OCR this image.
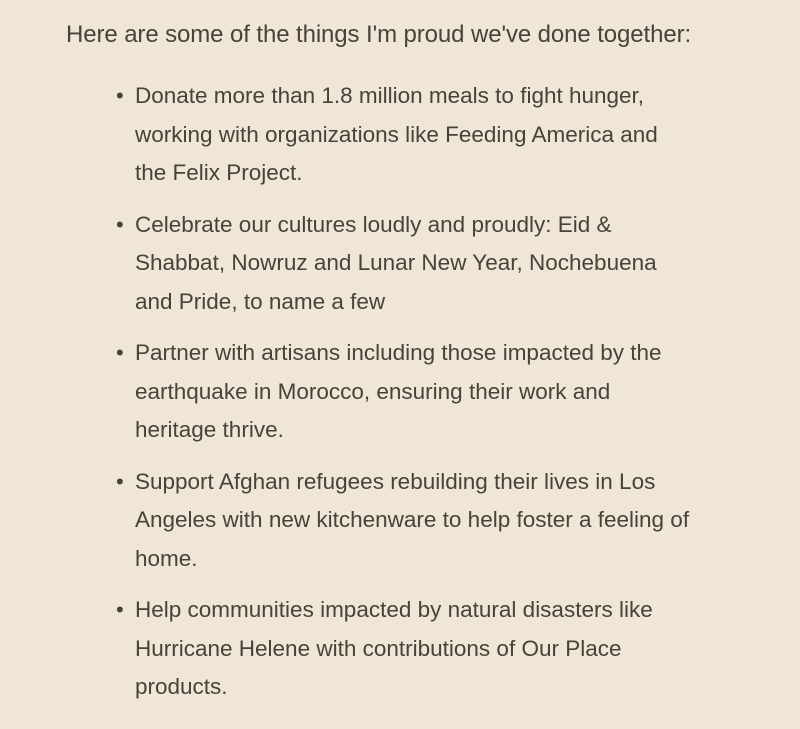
Here are some of the things I'm proud we've done together:

• Donate more than 1.8 million meals to fight hunger, working with organizations like Feeding America and the Felix Project.
• Celebrate our cultures loudly and proudly: Eid & Shabbat, Nowruz and Lunar New Year, Nochebuena and Pride, to name a few
• Partner with artisans including those impacted by the earthquake in Morocco, ensuring their work and heritage thrive.
• Support Afghan refugees rebuilding their lives in Los Angeles with new kitchenware to help foster a feeling of home.
• Help communities impacted by natural disasters like Hurricane Helene with contributions of Our Place products.
